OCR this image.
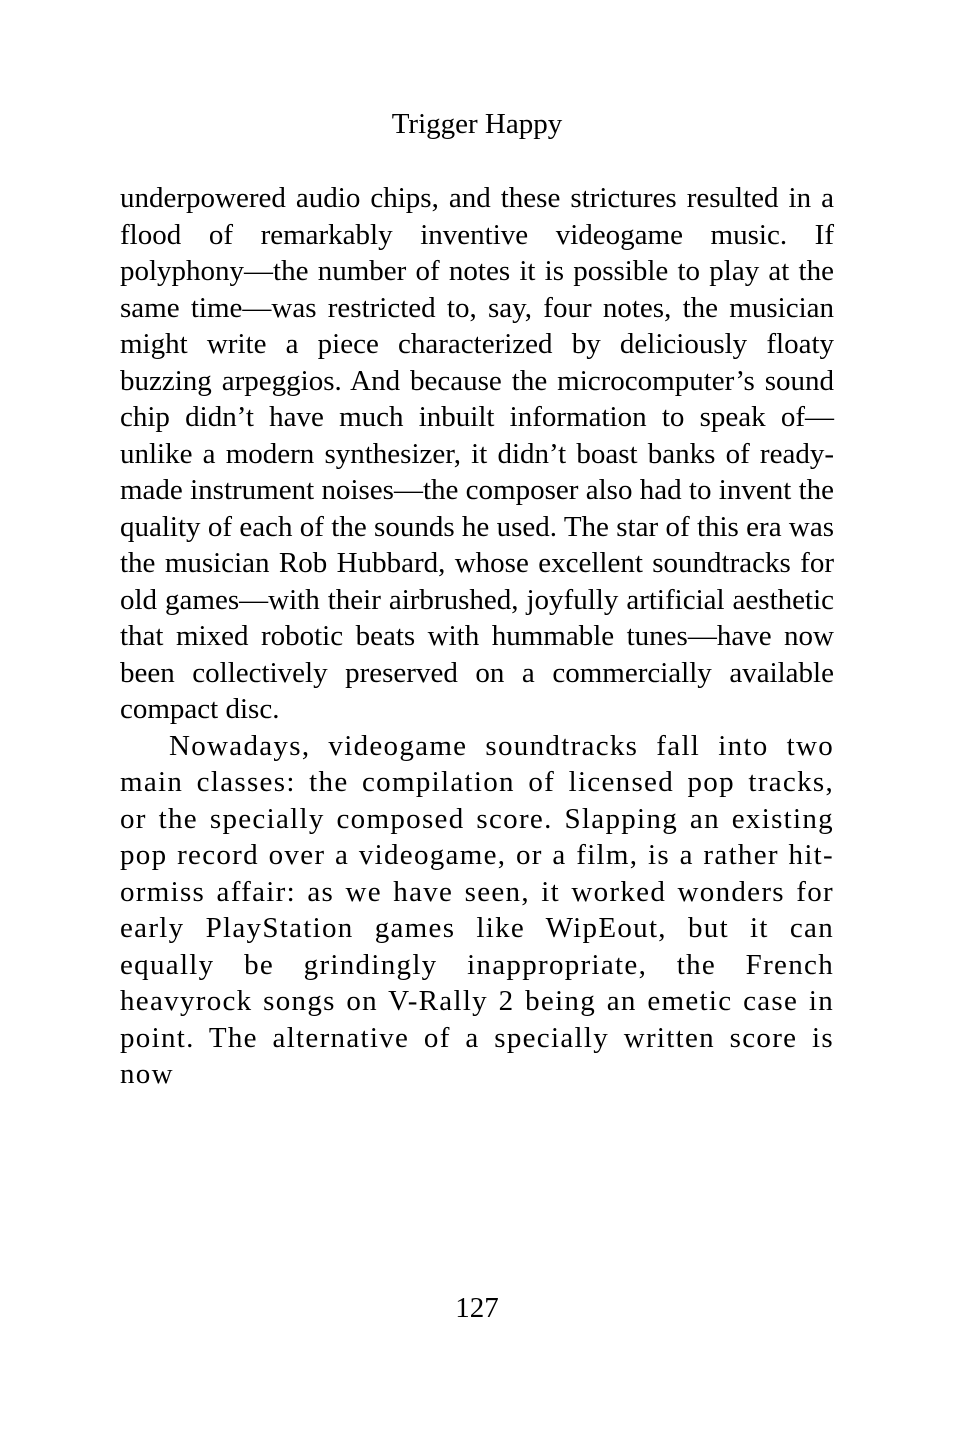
Trigger Happy

underpowered audio chips, and these strictures resulted in a flood of remarkably inventive videogame music. If polyphony—the number of notes it is possible to play at the same time—was restricted to, say, four notes, the musician might write a piece characterized by deliciously floaty buzzing arpeggios. And because the microcomputer’s sound chip didn’t have much inbuilt information to speak of—unlike a modern synthesizer, it didn’t boast banks of ready-made instrument noises—the composer also had to invent the quality of each of the sounds he used. The star of this era was the musician Rob Hubbard, whose excellent soundtracks for old games—with their airbrushed, joyfully artificial aesthetic that mixed robotic beats with hummable tunes—have now been collectively preserved on a commercially available compact disc.

Nowadays, videogame soundtracks fall into two main classes: the compilation of licensed pop tracks, or the specially composed score. Slapping an existing pop record over a videogame, or a film, is a rather hit-ormiss affair: as we have seen, it worked wonders for early PlayStation games like WipEout, but it can equally be grindingly inappropriate, the French heavyrock songs on V-Rally 2 being an emetic case in point. The alternative of a specially written score is now

127
